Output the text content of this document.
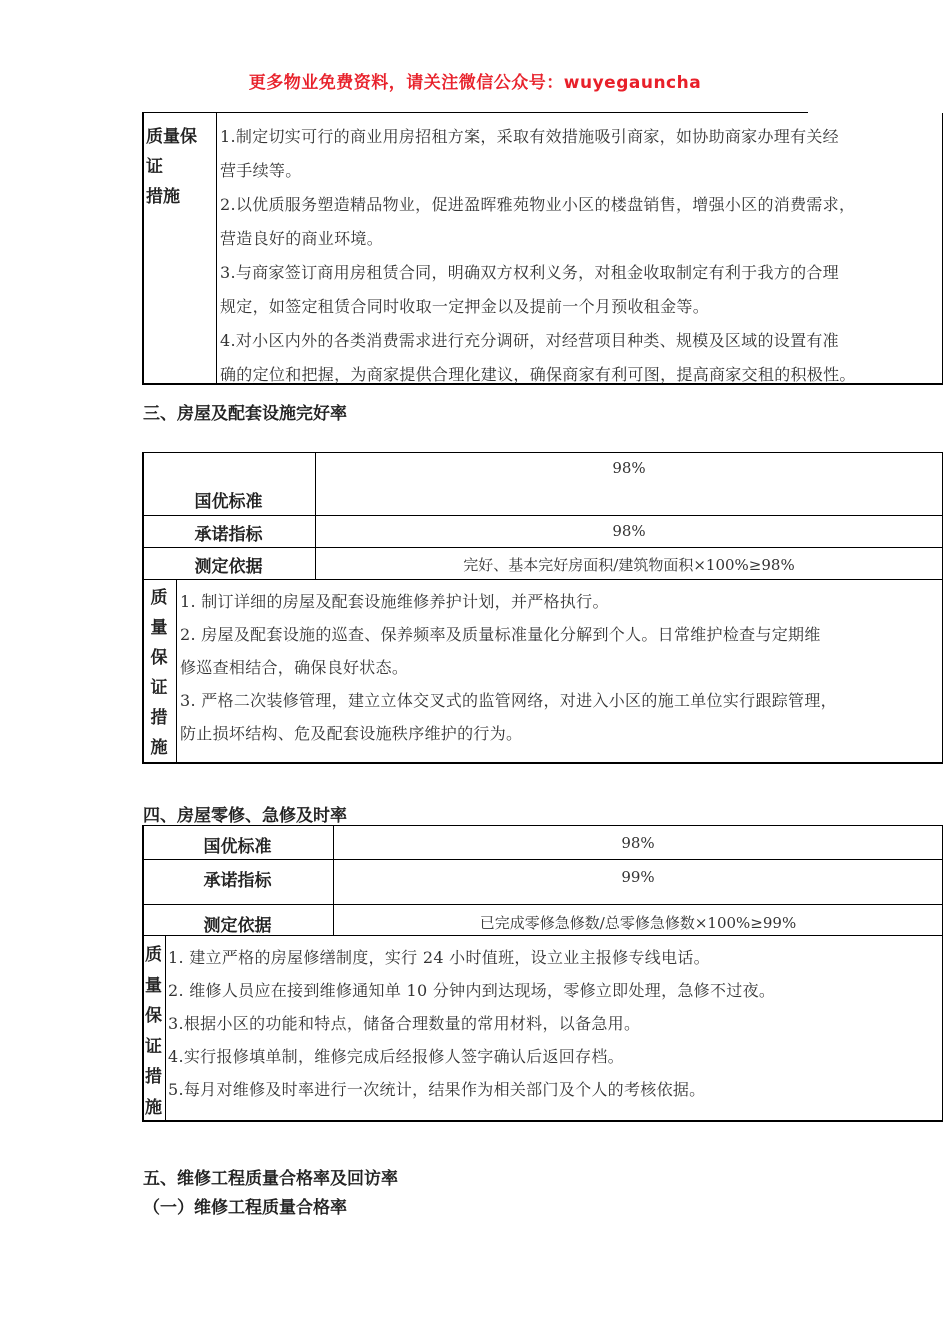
更多物业免费资料，请关注微信公众号：wuyegauncha
质量保
证
措施
1.制定切实可行的商业用房招租方案，采取有效措施吸引商家，如协助商家办理有关经
营手续等。
2.以优质服务塑造精品物业，促进盈晖雅苑物业小区的楼盘销售，增强小区的消费需求，
营造良好的商业环境。
3.与商家签订商用房租赁合同，明确双方权利义务，对租金收取制定有利于我方的合理
规定，如签定租赁合同时收取一定押金以及提前一个月预收租金等。
4.对小区内外的各类消费需求进行充分调研，对经营项目种类、规模及区域的设置有准
确的定位和把握，为商家提供合理化建议，确保商家有利可图，提高商家交租的积极性。
三、房屋及配套设施完好率
国优标准
98%
承诺指标	98%
测定依据	完好、基本完好房面积/建筑物面积×100%≥98%
质
量
保
证
措
施
1. 制订详细的房屋及配套设施维修养护计划，并严格执行。
2. 房屋及配套设施的巡查、保养频率及质量标准量化分解到个人。日常维护检查与定期维
修巡查相结合，确保良好状态。
3. 严格二次装修管理，建立立体交叉式的监管网络，对进入小区的施工单位实行跟踪管理，
防止损坏结构、危及配套设施秩序维护的行为。
四、房屋零修、急修及时率
国优标准	98%
承诺指标	99%
测定依据	已完成零修急修数/总零修急修数×100%≥99%
质
量
保
证
措
施
1. 建立严格的房屋修缮制度，实行 24 小时值班，设立业主报修专线电话。
2. 维修人员应在接到维修通知单 10 分钟内到达现场，零修立即处理，急修不过夜。
3.根据小区的功能和特点，储备合理数量的常用材料，以备急用。
4.实行报修填单制，维修完成后经报修人签字确认后返回存档。
5.每月对维修及时率进行一次统计，结果作为相关部门及个人的考核依据。
五、维修工程质量合格率及回访率
（一）维修工程质量合格率
